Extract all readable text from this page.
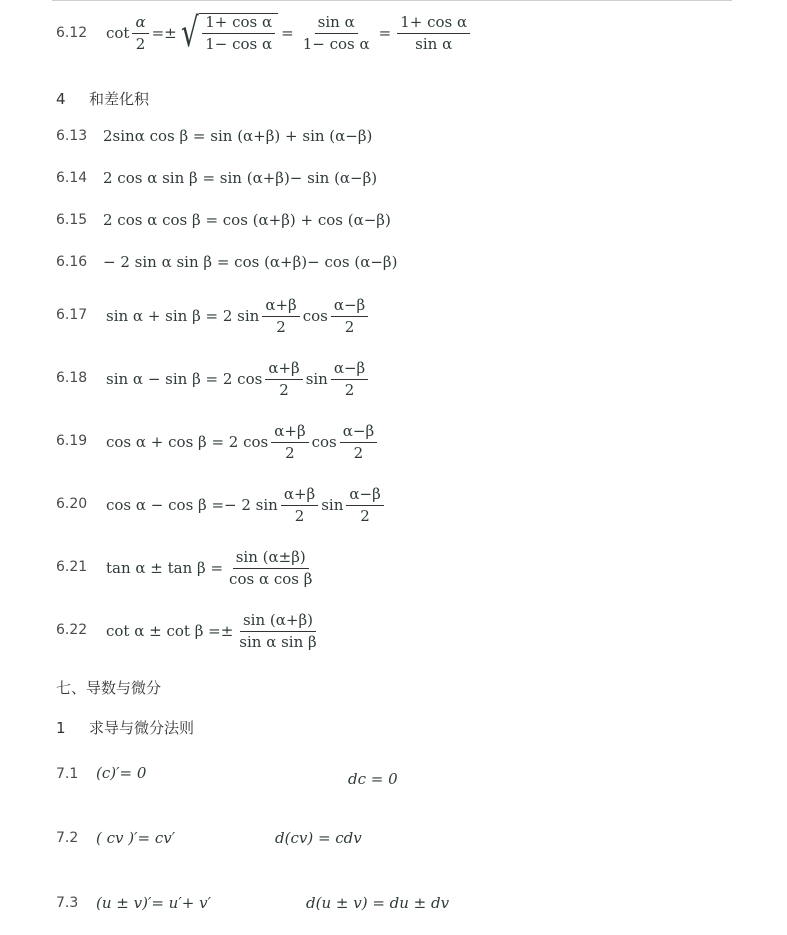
6.12 $\cot \frac{\alpha}{2}$ =± √ $\frac{\text{1+ cos α}}{\text{1− cos α}} = \frac{\text{sin α}}{\text{1− cos α}} = \frac{\text{1+ cos α}}{\text{sin α}}$
4 和差化积
6.13 2sinα cos β = sin (α+β) + sin (α−β)
6.14 2 cos α sin β = sin (α+β)− sin (α−β)
6.15 2 cos α cos β = cos (α+β) + cos (α−β)
6.16 − 2 sin α sin β = cos (α+β)− cos (α−β)
6.17 sin α + sin β = 2 $\sin \frac{\alpha+\beta}{2}$ $\cos \frac{\alpha-\beta}{2}$
6.18 sin α − sin β = 2 $\cos \frac{\alpha+\beta}{2}$ $\sin \frac{\alpha-\beta}{2}$
6.19 cos α + cos β = 2 $\cos \frac{\alpha+\beta}{2}$ $\cos \frac{\alpha-\beta}{2}$
6.20 cos α − cos β =− 2 $\sin \frac{\alpha+\beta}{2}$ $\sin \frac{\alpha-\beta}{2}$
6.21 $\tan \alpha \pm \tan \beta = \frac{\sin (\alpha\pm\beta)}{\text{cos α cos β}}$
6.22 $\cot \alpha \pm \cot \beta =\pm \frac{\sin (\alpha+\beta)}{\text{sin α sin β}}$
七、导数与微分
1 求导与微分法则
7.1 (c)′= 0	dc = 0
7.2 ( cv )′= cv′	d(cv) = cdv
7.3 (u ± v)′= u′+ v′	d(u ± v) = du ± dv
